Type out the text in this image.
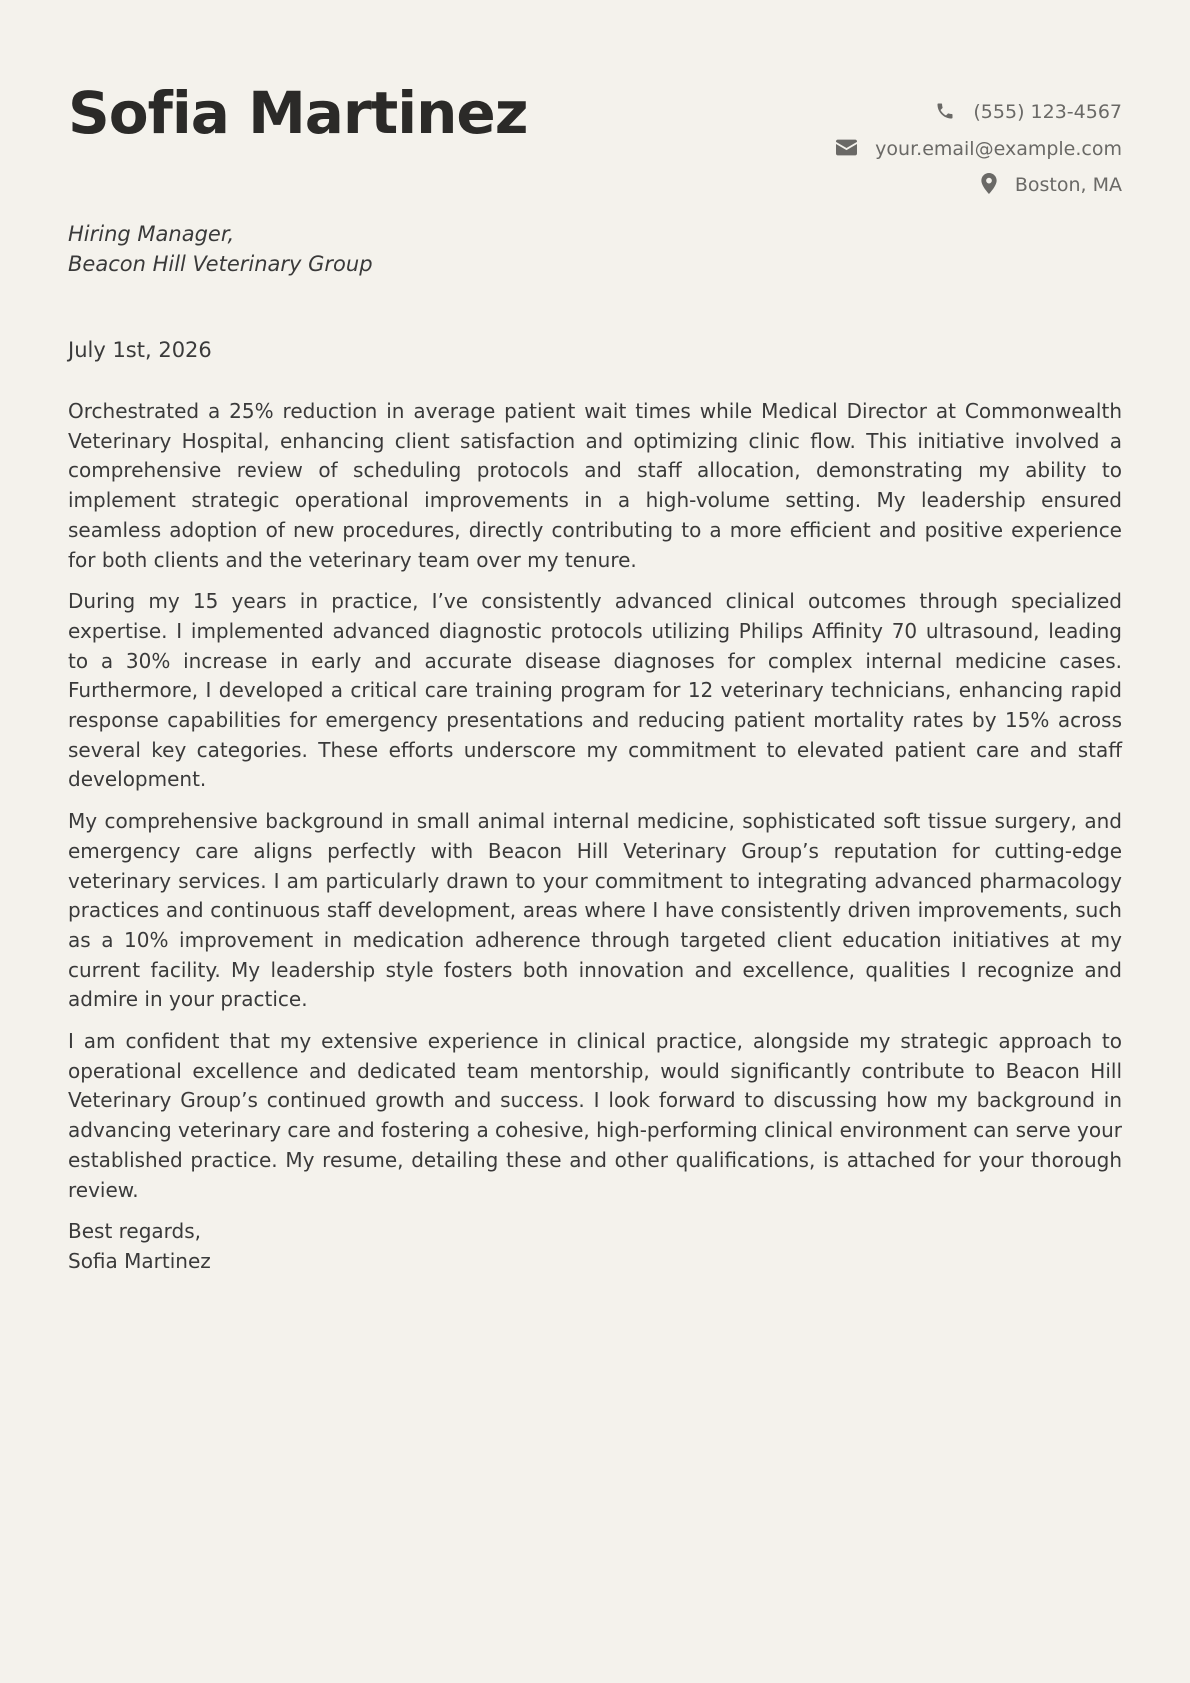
Sofia Martinez	(555) 123-4567
your.email@example.com
Boston, MA
Hiring Manager,
Beacon Hill Veterinary Group
July 1st, 2026

Orchestrated a 25% reduction in average patient wait times while Medical Director at Commonwealth Veterinary Hospital, enhancing client satisfaction and optimizing clinic flow. This initiative involved a comprehensive review of scheduling protocols and staff allocation, demonstrating my ability to implement strategic operational improvements in a high-volume setting. My leadership ensured seamless adoption of new procedures, directly contributing to a more efficient and positive experience for both clients and the veterinary team over my tenure.

During my 15 years in practice, I’ve consistently advanced clinical outcomes through specialized expertise. I implemented advanced diagnostic protocols utilizing Philips Affinity 70 ultrasound, leading to a 30% increase in early and accurate disease diagnoses for complex internal medicine cases. Furthermore, I developed a critical care training program for 12 veterinary technicians, enhancing rapid response capabilities for emergency presentations and reducing patient mortality rates by 15% across several key categories. These efforts underscore my commitment to elevated patient care and staff development.

My comprehensive background in small animal internal medicine, sophisticated soft tissue surgery, and emergency care aligns perfectly with Beacon Hill Veterinary Group’s reputation for cutting-edge veterinary services. I am particularly drawn to your commitment to integrating advanced pharmacology practices and continuous staff development, areas where I have consistently driven improvements, such as a 10% improvement in medication adherence through targeted client education initiatives at my current facility. My leadership style fosters both innovation and excellence, qualities I recognize and admire in your practice.

I am confident that my extensive experience in clinical practice, alongside my strategic approach to operational excellence and dedicated team mentorship, would significantly contribute to Beacon Hill Veterinary Group’s continued growth and success. I look forward to discussing how my background in advancing veterinary care and fostering a cohesive, high-performing clinical environment can serve your established practice. My resume, detailing these and other qualifications, is attached for your thorough review.

Best regards,
Sofia Martinez
